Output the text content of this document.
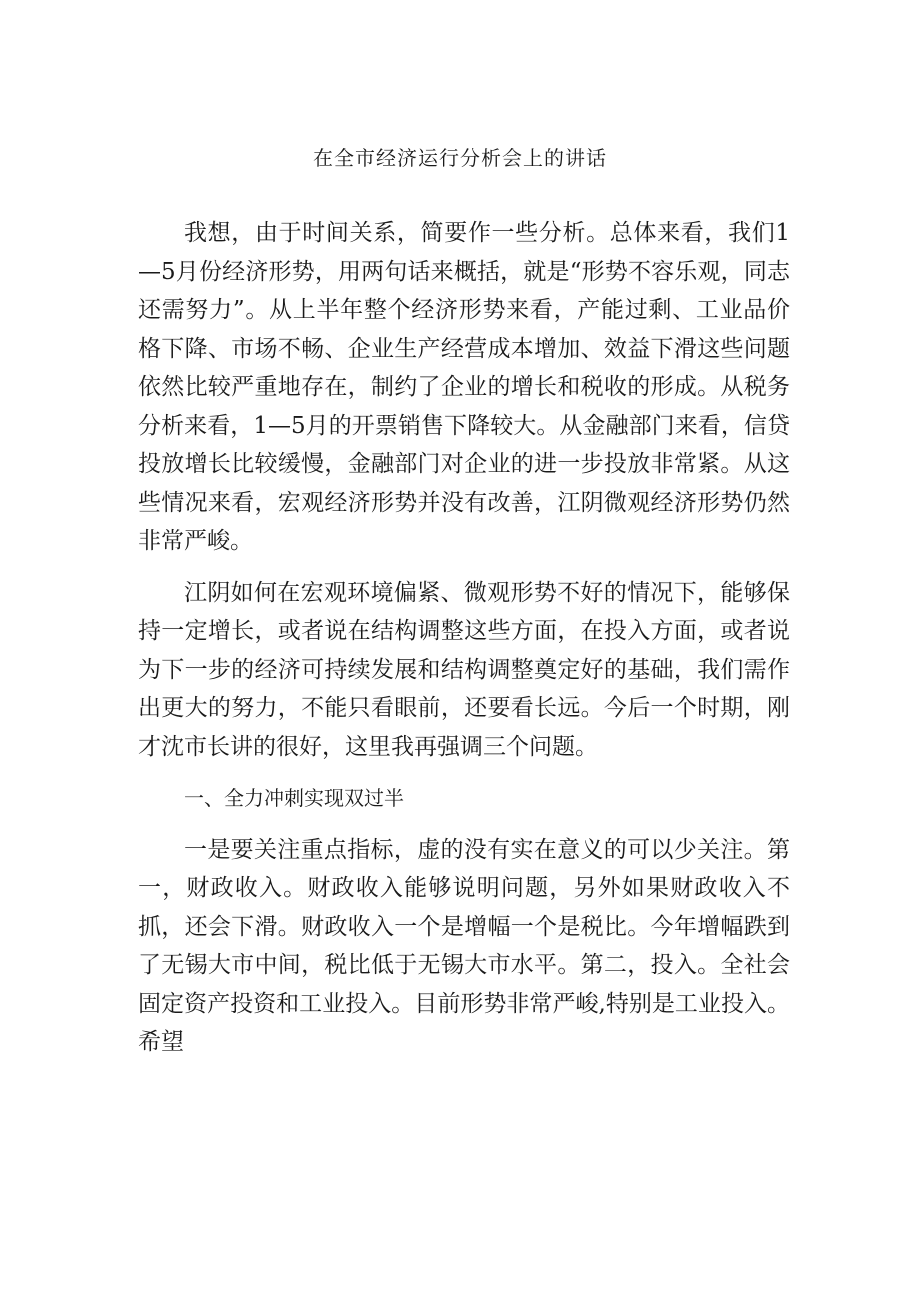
在全市经济运行分析会上的讲话

我想，由于时间关系，简要作一些分析。总体来看，我们1—5月份经济形势，用两句话来概括，就是“形势不容乐观，同志还需努力”。从上半年整个经济形势来看，产能过剩、工业品价格下降、市场不畅、企业生产经营成本增加、效益下滑这些问题依然比较严重地存在，制约了企业的增长和税收的形成。从税务分析来看，1—5月的开票销售下降较大。从金融部门来看，信贷投放增长比较缓慢，金融部门对企业的进一步投放非常紧。从这些情况来看，宏观经济形势并没有改善，江阴微观经济形势仍然非常严峻。

江阴如何在宏观环境偏紧、微观形势不好的情况下，能够保持一定增长，或者说在结构调整这些方面，在投入方面，或者说为下一步的经济可持续发展和结构调整奠定好的基础，我们需作出更大的努力，不能只看眼前，还要看长远。今后一个时期，刚才沈市长讲的很好，这里我再强调三个问题。

一、全力冲刺实现双过半

一是要关注重点指标，虚的没有实在意义的可以少关注。第一，财政收入。财政收入能够说明问题，另外如果财政收入不抓，还会下滑。财政收入一个是增幅一个是税比。今年增幅跌到了无锡大市中间，税比低于无锡大市水平。第二，投入。全社会固定资产投资和工业投入。目前形势非常严峻,特别是工业投入。希望
